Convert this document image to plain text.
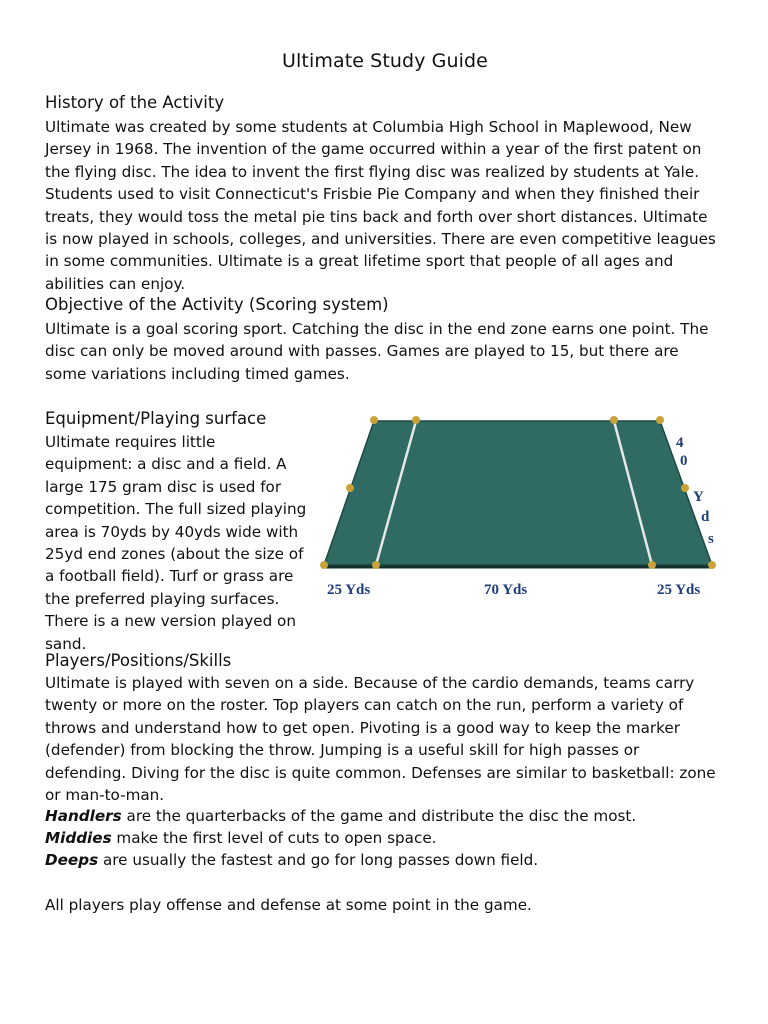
Ultimate Study Guide
History of the Activity

Ultimate was created by some students at Columbia High School in Maplewood, New Jersey in 1968. The invention of the game occurred within a year of the first patent on the flying disc. The idea to invent the first flying disc was realized by students at Yale. Students used to visit Connecticut's Frisbie Pie Company and when they finished their treats, they would toss the metal pie tins back and forth over short distances. Ultimate is now played in schools, colleges, and universities. There are even competitive leagues in some communities. Ultimate is a great lifetime sport that people of all ages and abilities can enjoy.

Objective of the Activity (Scoring system)

Ultimate is a goal scoring sport. Catching the disc in the end zone earns one point. The disc can only be moved around with passes. Games are played to 15, but there are some variations including timed games.

Equipment/Playing surface

Ultimate requires little equipment: a disc and a field. A large 175 gram disc is used for competition. The full sized playing area is 70yds by 40yds wide with 25yd end zones (about the size of a football field). Turf or grass are the preferred playing surfaces. There is a new version played on sand.

Players/Positions/Skills

Ultimate is played with seven on a side. Because of the cardio demands, teams carry twenty or more on the roster. Top players can catch on the run, perform a variety of throws and understand how to get open. Pivoting is a good way to keep the marker (defender) from blocking the throw. Jumping is a useful skill for high passes or defending. Diving for the disc is quite common. Defenses are similar to basketball: zone or man-to-man.

Handlers are the quarterbacks of the game and distribute the disc the most.
Middies make the first level of cuts to open space.
Deeps are usually the fastest and go for long passes down field.
All players play offense and defense at some point in the game.
25 Yds	70 Yds	25 Yds
4
0
Y
d
s
